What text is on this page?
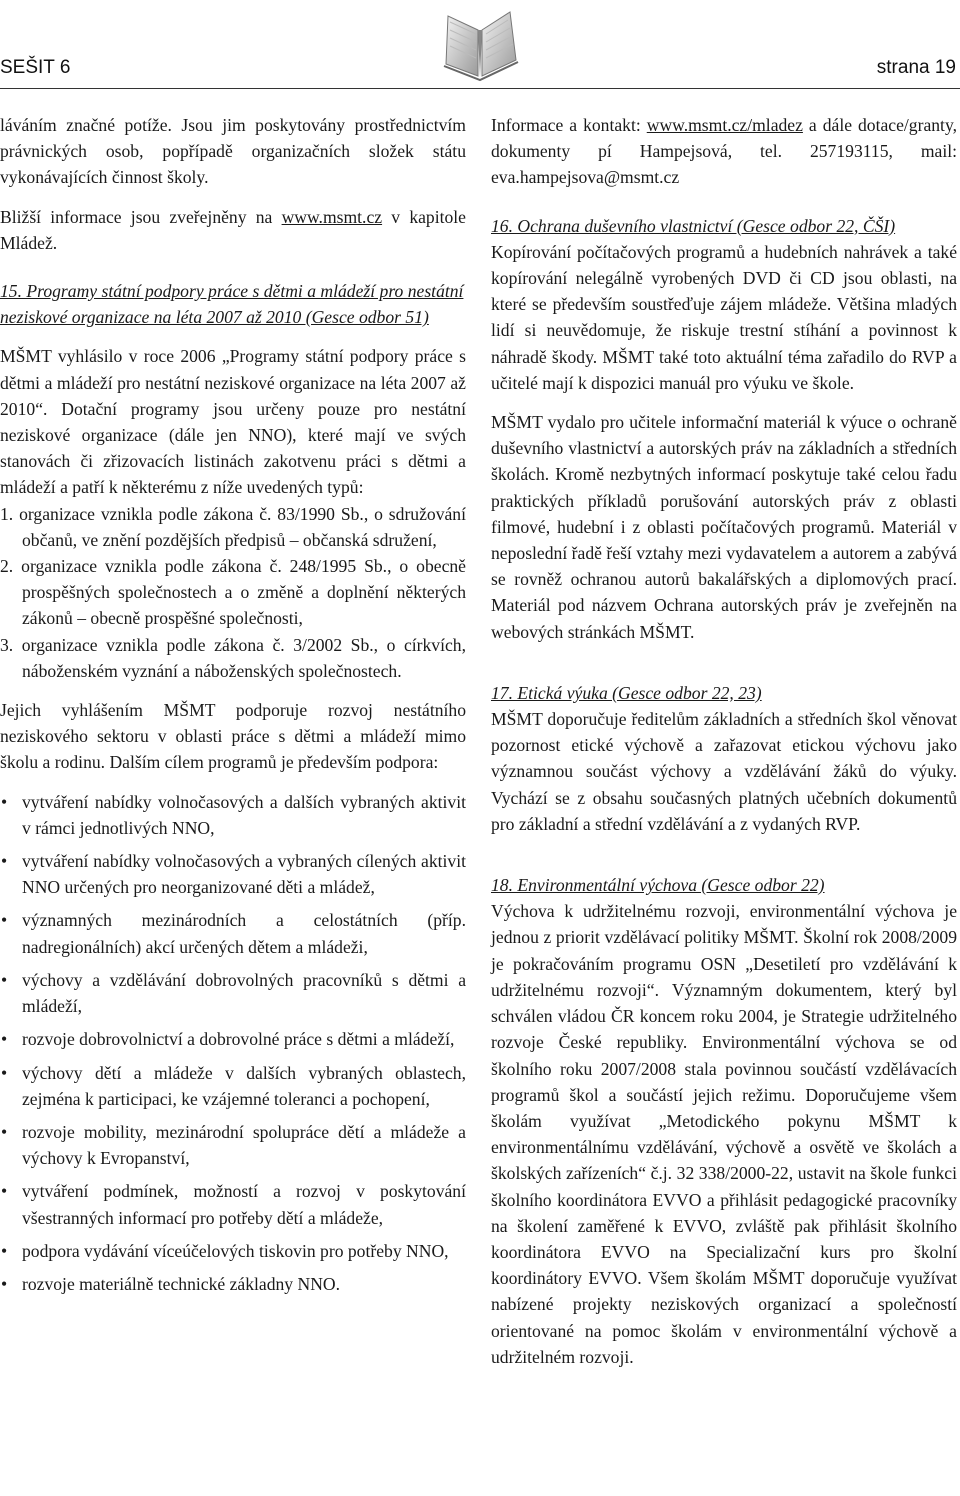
SEŠIT 6	strana 19

láváním značné potíže. Jsou jim poskytovány prostřednictvím právnických osob, popřípadě organizačních složek státu vykonávajících činnost školy.

Bližší informace jsou zveřejněny na www.msmt.cz v kapitole Mládež.

15. Programy státní podpory práce s dětmi a mládeží pro nestátní neziskové organizace na léta 2007 až 2010 (Gesce odbor 51)

MŠMT vyhlásilo v roce 2006 „Programy státní podpory práce s dětmi a mládeží pro nestátní neziskové organizace na léta 2007 až 2010“. Dotační programy jsou určeny pouze pro nestátní neziskové organizace (dále jen NNO), které mají ve svých stanovách či zřizovacích listinách zakotvenu práci s dětmi a mládeží a patří k některému z níže uvedených typů:

1. organizace vznikla podle zákona č. 83/1990 Sb., o sdružování občanů, ve znění pozdějších předpisů – občanská sdružení,
2. organizace vznikla podle zákona č. 248/1995 Sb., o obecně prospěšných společnostech a o změně a doplnění některých zákonů – obecně prospěšné společnosti,
3. organizace vznikla podle zákona č. 3/2002 Sb., o církvích, náboženském vyznání a náboženských společnostech.

Jejich vyhlášením MŠMT podporuje rozvoj nestátního neziskového sektoru v oblasti práce s dětmi a mládeží mimo školu a rodinu. Dalším cílem programů je především podpora:

• vytváření nabídky volnočasových a dalších vybraných aktivit v rámci jednotlivých NNO,
• vytváření nabídky volnočasových a vybraných cílených aktivit NNO určených pro neorganizované děti a mládež,
• významných mezinárodních a celostátních (příp. nadregionálních) akcí určených dětem a mládeži,
• výchovy a vzdělávání dobrovolných pracovníků s dětmi a mládeží,
• rozvoje dobrovolnictví a dobrovolné práce s dětmi a mládeží,
• výchovy dětí a mládeže v dalších vybraných oblastech, zejména k participaci, ke vzájemné toleranci a pochopení,
• rozvoje mobility, mezinárodní spolupráce dětí a mládeže a výchovy k Evropanství,
• vytváření podmínek, možností a rozvoj v poskytování všestranných informací pro potřeby dětí a mládeže,
• podpora vydávání víceúčelových tiskovin pro potřeby NNO,
• rozvoje materiálně technické základny NNO.

Informace a kontakt: www.msmt.cz/mladez a dále dotace/granty, dokumenty pí Hampejsová, tel. 257193115, mail: eva.hampejsova@msmt.cz

16. Ochrana duševního vlastnictví (Gesce odbor 22, ČŠI)

Kopírování počítačových programů a hudebních nahrávek a také kopírování nelegálně vyrobených DVD či CD jsou oblasti, na které se především soustřeďuje zájem mládeže. Většina mladých lidí si neuvědomuje, že riskuje trestní stíhání a povinnost k náhradě škody. MŠMT také toto aktuální téma zařadilo do RVP a učitelé mají k dispozici manuál pro výuku ve škole.

MŠMT vydalo pro učitele informační materiál k výuce o ochraně duševního vlastnictví a autorských práv na základních a středních školách. Kromě nezbytných informací poskytuje také celou řadu praktických příkladů porušování autorských práv z oblasti filmové, hudební i z oblasti počítačových programů. Materiál v neposlední řadě řeší vztahy mezi vydavatelem a autorem a zabývá se rovněž ochranou autorů bakalářských a diplomových prací. Materiál pod názvem Ochrana autorských práv je zveřejněn na webových stránkách MŠMT.

17. Etická výuka (Gesce odbor 22, 23)

MŠMT doporučuje ředitelům základních a středních škol věnovat pozornost etické výchově a zařazovat etickou výchovu jako významnou součást výchovy a vzdělávání žáků do výuky. Vychází se z obsahu současných platných učebních dokumentů pro základní a střední vzdělávání a z vydaných RVP.

18. Environmentální výchova (Gesce odbor 22)

Výchova k udržitelnému rozvoji, environmentální výchova je jednou z priorit vzdělávací politiky MŠMT. Školní rok 2008/2009 je pokračováním programu OSN „Desetiletí pro vzdělávání k udržitelnému rozvoji“. Významným dokumentem, který byl schválen vládou ČR koncem roku 2004, je Strategie udržitelného rozvoje České republiky. Environmentální výchova se od školního roku 2007/2008 stala povinnou součástí vzdělávacích programů škol a součástí jejich režimu. Doporučujeme všem školám využívat „Metodického pokynu MŠMT k environmentálnímu vzdělávání, výchově a osvětě ve školách a školských zařízeních“ č.j. 32 338/2000-22, ustavit na škole funkci školního koordinátora EVVO a přihlásit pedagogické pracovníky na školení zaměřené k EVVO, zvláště pak přihlásit školního koordinátora EVVO na Specializační kurs pro školní koordinátory EVVO. Všem školám MŠMT doporučuje využívat nabízené projekty neziskových organizací a společností orientované na pomoc školám v environmentální výchově a udržitelném rozvoji.
